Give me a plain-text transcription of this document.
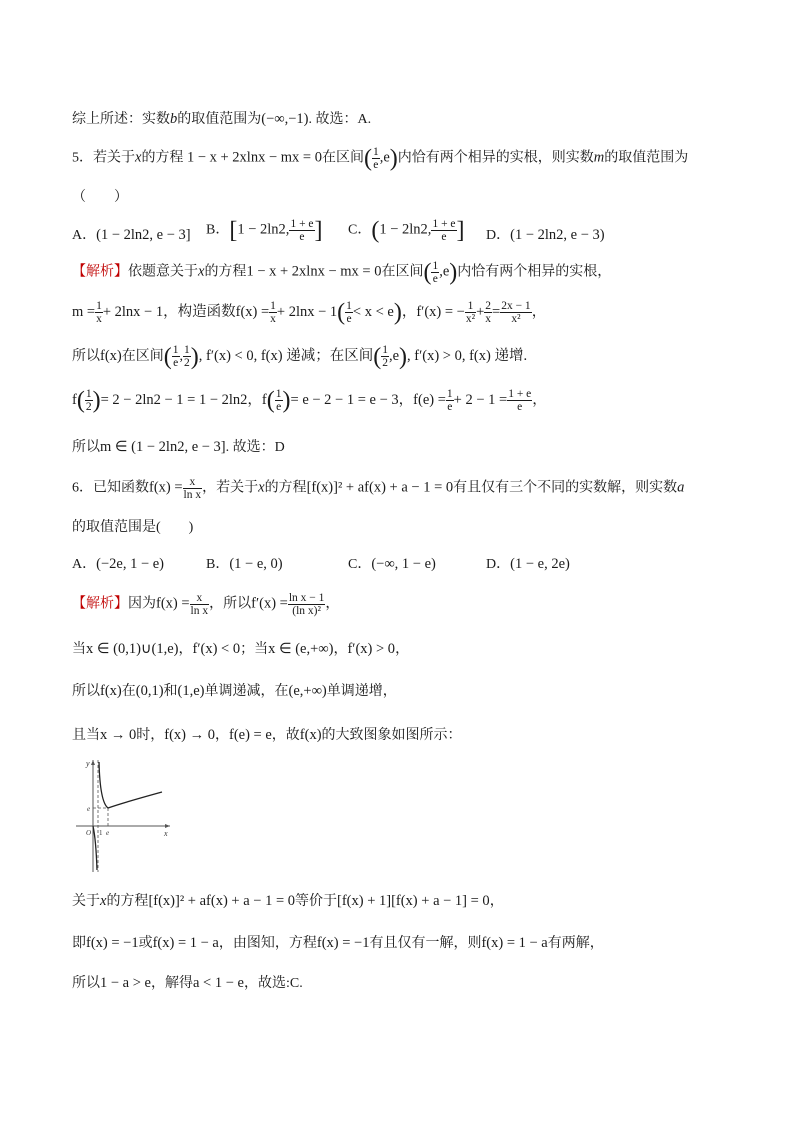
综上所述：实数b的取值范围为(−∞,−1). 故选：A.
5．若关于x的方程 1 − x + 2xlnx − mx = 0在区间( $\frac{1}{e} ,e$)内恰有两个相异的实根，则实数m的取值范围为
（　　）
A．(1 − 2ln2, e − 3] B．[1 − 2ln2, $\frac{1 + e}{e}$ ] C．(1 − 2ln2, $\frac{1 + e}{e}$ ] D．(1 − 2ln2, e − 3)
【解析】依题意关于x的方程1 − x + 2xlnx − mx = 0在区间( $\frac{1}{e} ,e$)内恰有两个相异的实根，
$m = \frac{1}{x} + 2\ln x - 1$，构造函数$f(x) = \frac{1}{x} + 2\ln x - 1( \frac{1}{e} < x < e)$，f′(x) = − $\frac{1}{\text{x²}} + \frac{2}{x} = \frac{2x - 1}{\text{x²}}$ ，
所以f(x)在区间( $\frac{1}{e}$ , $\frac{1}{2}$ ), f′(x) < 0, f(x) 递减；在区间( $\frac{1}{2} ,e$), f′(x) > 0, f(x) 递增.
$f( \frac{1}{2}$ )= 2 − 2ln2 − 1 = 1 − 2ln2，$f( \frac{1}{e}$ )= e − 2 − 1 = e − 3，$f(e) = \frac{1}{e} + 2 - 1 = \frac{1 + e}{e}$ ，
所以m ∈ (1 − 2ln2, e − 3]. 故选：D
6．已知函数$f(x) = \frac{x}{\text{ln x}}$ ，若关于x的方程[f(x)]² + af(x) + a − 1 = 0有且仅有三个不同的实数解，则实数a
的取值范围是(　　)
A．(−2e, 1 − e)	B．(1 − e, 0)	C．(−∞, 1 − e)	D．(1 − e, 2e)
【解析】因为$f(x) = \frac{x}{\text{ln x}}$ ，所以$f'(x) = \frac{\text{ln x − 1}}{\text{(ln x)²}}$ ，
当x ∈ (0,1)∪(1,e)，f′(x) < 0；当x ∈ (e,+∞)，f′(x) > 0，
所以f(x)在(0,1)和(1,e)单调递减，在(e,+∞)单调递增，
且当x → 0时，f(x) → 0，f(e) = e，故f(x)的大致图象如图所示：
y
x
O 1 e
e
关于x的方程[f(x)]² + af(x) + a − 1 = 0等价于[f(x) + 1][f(x) + a − 1] = 0，
即f(x) = −1或f(x) = 1 − a，由图知，方程f(x) = −1有且仅有一解，则f(x) = 1 − a有两解，
所以1 − a > e，解得a < 1 − e，故选:C.
